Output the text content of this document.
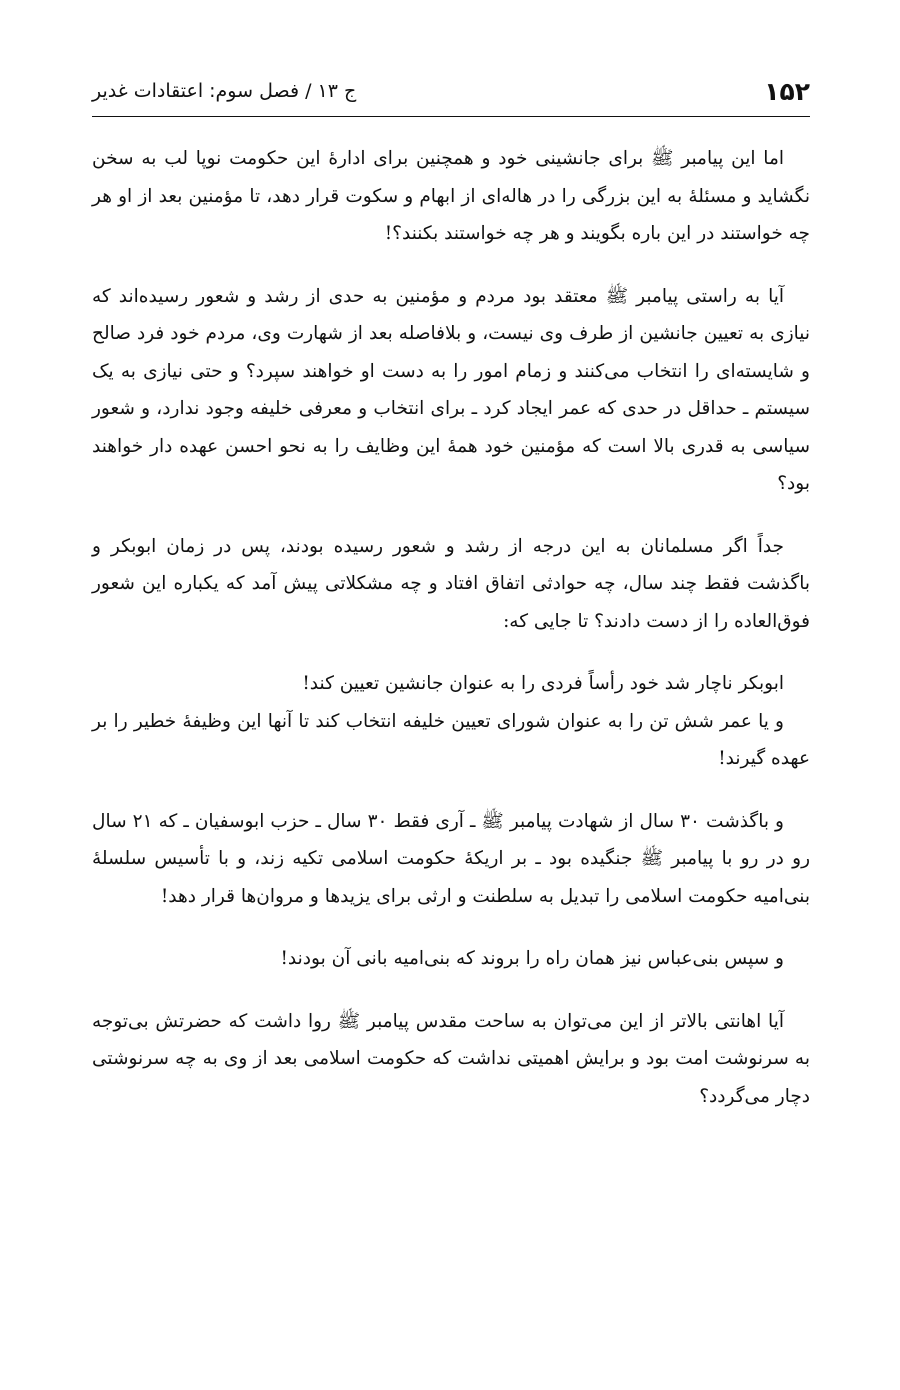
۱۵۲
ج ۱۳ / فصل سوم: اعتقادات غدیر

اما این پیامبر ﷺ برای جانشینی خود و همچنین برای ادارهٔ این حکومت نوپا لب به سخن نگشاید و مسئلهٔ به این بزرگی را در هاله‌ای از ابهام و سکوت قرار دهد، تا مؤمنین بعد از او هر چه خواستند در این باره بگویند و هر چه خواستند بکنند؟!

آیا به راستی پیامبر ﷺ معتقد بود مردم و مؤمنین به حدی از رشد و شعور رسیده‌اند که نیازی به تعیین جانشین از طرف وی نیست، و بلافاصله بعد از شهارت وی، مردم خود فرد صالح و شایسته‌ای را انتخاب می‌کنند و زمام امور را به دست او خواهند سپرد؟ و حتی نیازی به یک سیستم ـ حداقل در حدی که عمر ایجاد کرد ـ برای انتخاب و معرفی خلیفه وجود ندارد، و شعور سیاسی به قدری بالا است که مؤمنین خود همهٔ این وظایف را به نحو احسن عهده دار خواهند بود؟

جداً اگر مسلمانان به این درجه از رشد و شعور رسیده بودند، پس در زمان ابوبکر و باگذشت فقط چند سال، چه حوادثی اتفاق افتاد و چه مشکلاتی پیش آمد که یکباره این شعور فوق‌العاده را از دست دادند؟ تا جایی که:

ابوبکر ناچار شد خود رأساً فردی را به عنوان جانشین تعیین کند!

و یا عمر شش تن را به عنوان شورای تعیین خلیفه انتخاب کند تا آنها این وظیفهٔ خطیر را بر عهده گیرند!

و باگذشت ۳۰ سال از شهادت پیامبر ﷺ ـ آری فقط ۳۰ سال ـ حزب ابوسفیان ـ که ۲۱ سال رو در رو با پیامبر ﷺ جنگیده بود ـ بر اریکهٔ حکومت اسلامی تکیه زند، و با تأسیس سلسلهٔ بنی‌امیه حکومت اسلامی را تبدیل به سلطنت و ارثی برای یزیدها و مروان‌ها قرار دهد!

و سپس بنی‌عباس نیز همان راه را بروند که بنی‌امیه بانی آن بودند!

آیا اهانتی بالاتر از این می‌توان به ساحت مقدس پیامبر ﷺ روا داشت که حضرتش بی‌توجه به سرنوشت امت بود و برایش اهمیتی نداشت که حکومت اسلامی بعد از وی به چه سرنوشتی دچار می‌گردد؟
